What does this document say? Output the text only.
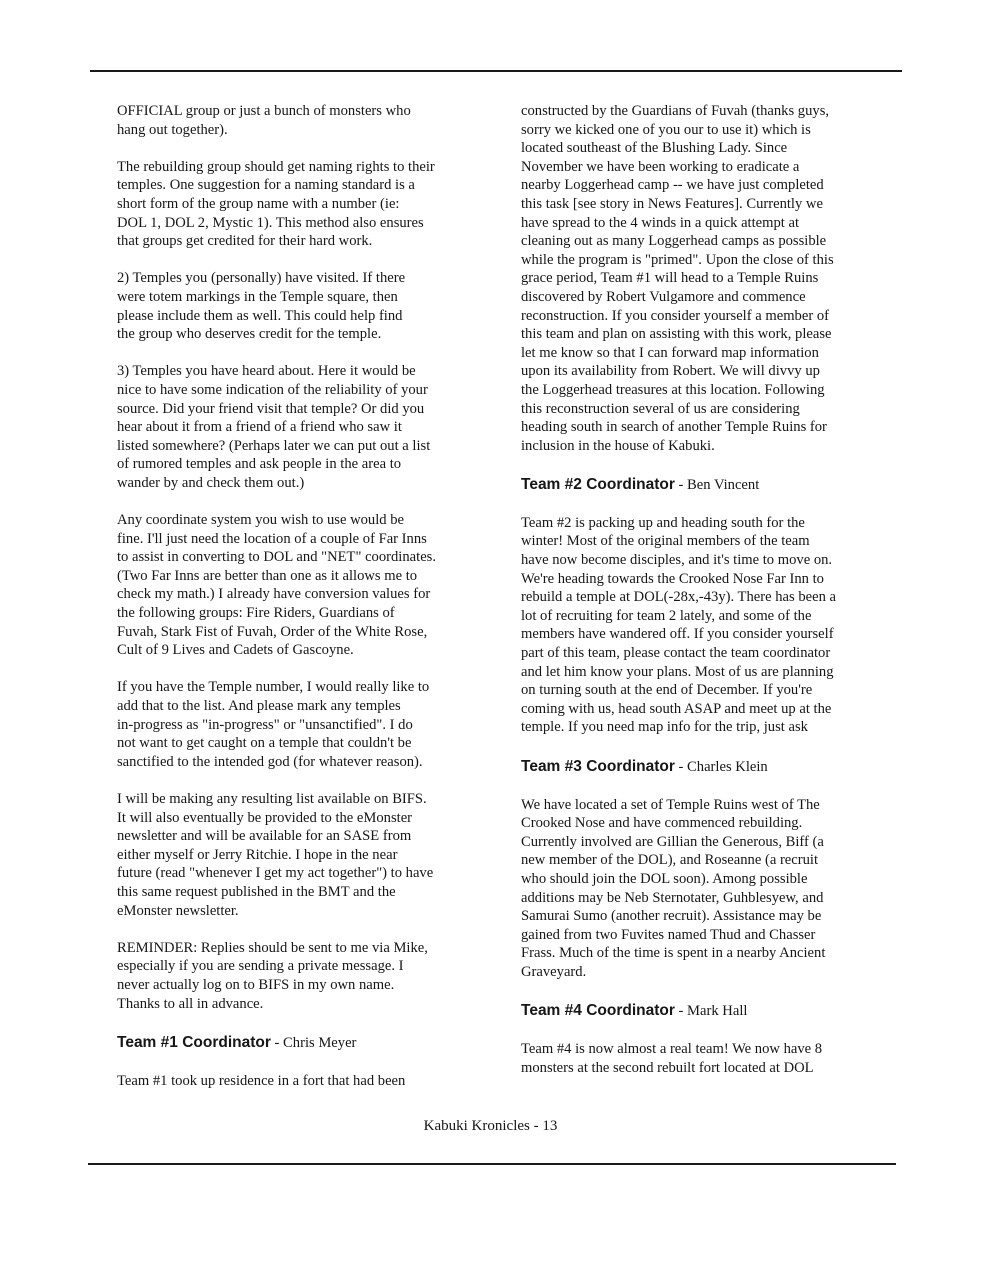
OFFICIAL group or just a bunch of monsters who
hang out together).

The rebuilding group should get naming rights to their
temples. One suggestion for a naming standard is a
short form of the group name with a number (ie:
DOL 1, DOL 2, Mystic 1). This method also ensures
that groups get credited for their hard work.

2) Temples you (personally) have visited. If there
were totem markings in the Temple square, then
please include them as well. This could help find
the group who deserves credit for the temple.

3) Temples you have heard about. Here it would be
nice to have some indication of the reliability of your
source. Did your friend visit that temple? Or did you
hear about it from a friend of a friend who saw it
listed somewhere? (Perhaps later we can put out a list
of rumored temples and ask people in the area to
wander by and check them out.)

Any coordinate system you wish to use would be
fine. I'll just need the location of a couple of Far Inns
to assist in converting to DOL and "NET" coordinates.
(Two Far Inns are better than one as it allows me to
check my math.) I already have conversion values for
the following groups: Fire Riders, Guardians of
Fuvah, Stark Fist of Fuvah, Order of the White Rose,
Cult of 9 Lives and Cadets of Gascoyne.

If you have the Temple number, I would really like to
add that to the list. And please mark any temples
in-progress as "in-progress" or "unsanctified". I do
not want to get caught on a temple that couldn't be
sanctified to the intended god (for whatever reason).

I will be making any resulting list available on BIFS.
It will also eventually be provided to the eMonster
newsletter and will be available for an SASE from
either myself or Jerry Ritchie. I hope in the near
future (read "whenever I get my act together") to have
this same request published in the BMT and the
eMonster newsletter.

REMINDER: Replies should be sent to me via Mike,
especially if you are sending a private message. I
never actually log on to BIFS in my own name.
Thanks to all in advance.

Team #1 Coordinator - Chris Meyer

Team #1 took up residence in a fort that had been

constructed by the Guardians of Fuvah (thanks guys,
sorry we kicked one of you our to use it) which is
located southeast of the Blushing Lady. Since
November we have been working to eradicate a
nearby Loggerhead camp -- we have just completed
this task [see story in News Features]. Currently we
have spread to the 4 winds in a quick attempt at
cleaning out as many Loggerhead camps as possible
while the program is "primed". Upon the close of this
grace period, Team #1 will head to a Temple Ruins
discovered by Robert Vulgamore and commence
reconstruction. If you consider yourself a member of
this team and plan on assisting with this work, please
let me know so that I can forward map information
upon its availability from Robert. We will divvy up
the Loggerhead treasures at this location. Following
this reconstruction several of us are considering
heading south in search of another Temple Ruins for
inclusion in the house of Kabuki.

Team #2 Coordinator - Ben Vincent

Team #2 is packing up and heading south for the
winter! Most of the original members of the team
have now become disciples, and it's time to move on.
We're heading towards the Crooked Nose Far Inn to
rebuild a temple at DOL(-28x,-43y). There has been a
lot of recruiting for team 2 lately, and some of the
members have wandered off. If you consider yourself
part of this team, please contact the team coordinator
and let him know your plans. Most of us are planning
on turning south at the end of December. If you're
coming with us, head south ASAP and meet up at the
temple. If you need map info for the trip, just ask

Team #3 Coordinator - Charles Klein

We have located a set of Temple Ruins west of The
Crooked Nose and have commenced rebuilding.
Currently involved are Gillian the Generous, Biff (a
new member of the DOL), and Roseanne (a recruit
who should join the DOL soon). Among possible
additions may be Neb Sternotater, Guhblesyew, and
Samurai Sumo (another recruit). Assistance may be
gained from two Fuvites named Thud and Chasser
Frass. Much of the time is spent in a nearby Ancient
Graveyard.

Team #4 Coordinator - Mark Hall

Team #4 is now almost a real team! We now have 8
monsters at the second rebuilt fort located at DOL

Kabuki Kronicles - 13
